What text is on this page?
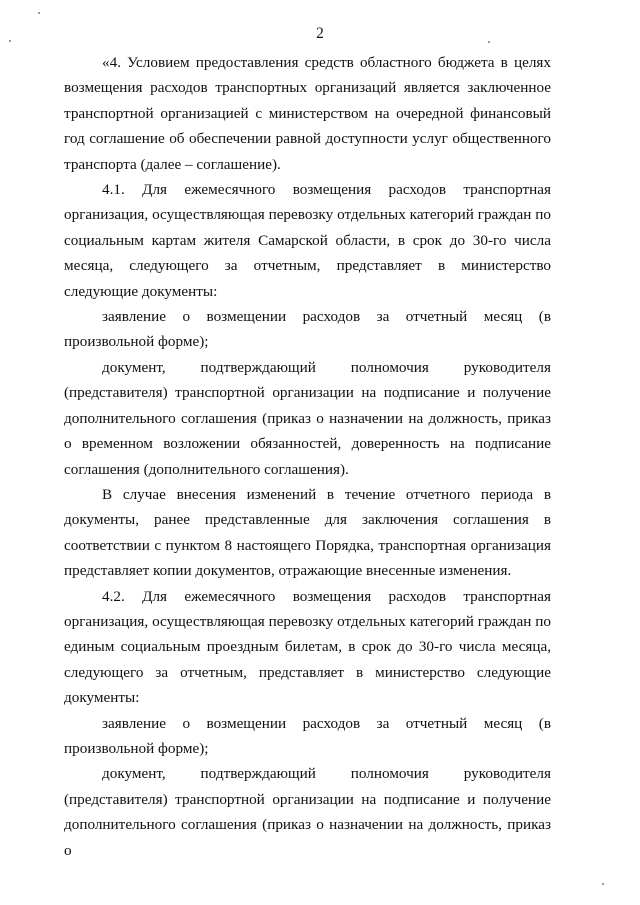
2

«4. Условием предоставления средств областного бюджета в целях возмещения расходов транспортных организаций является заключенное транспортной организацией с министерством на очередной финансовый год соглашение об обеспечении равной доступности услуг общественного транспорта (далее – соглашение).

4.1. Для ежемесячного возмещения расходов транспортная организация, осуществляющая перевозку отдельных категорий граждан по социальным картам жителя Самарской области, в срок до 30-го числа месяца, следующего за отчетным, представляет в министерство следующие документы:

заявление о возмещении расходов за отчетный месяц (в произвольной форме);

документ, подтверждающий полномочия руководителя (представителя) транспортной организации на подписание и получение дополнительного соглашения (приказ о назначении на должность, приказ о временном возложении обязанностей, доверенность на подписание соглашения (дополнительного соглашения).

В случае внесения изменений в течение отчетного периода в документы, ранее представленные для заключения соглашения в соответствии с пунктом 8 настоящего Порядка, транспортная организация представляет копии документов, отражающие внесенные изменения.

4.2. Для ежемесячного возмещения расходов транспортная организация, осуществляющая перевозку отдельных категорий граждан по единым социальным проездным билетам, в срок до 30-го числа месяца, следующего за отчетным, представляет в министерство следующие документы:

заявление о возмещении расходов за отчетный месяц (в произвольной форме);

документ, подтверждающий полномочия руководителя (представителя) транспортной организации на подписание и получение дополнительного соглашения (приказ о назначении на должность, приказ о
